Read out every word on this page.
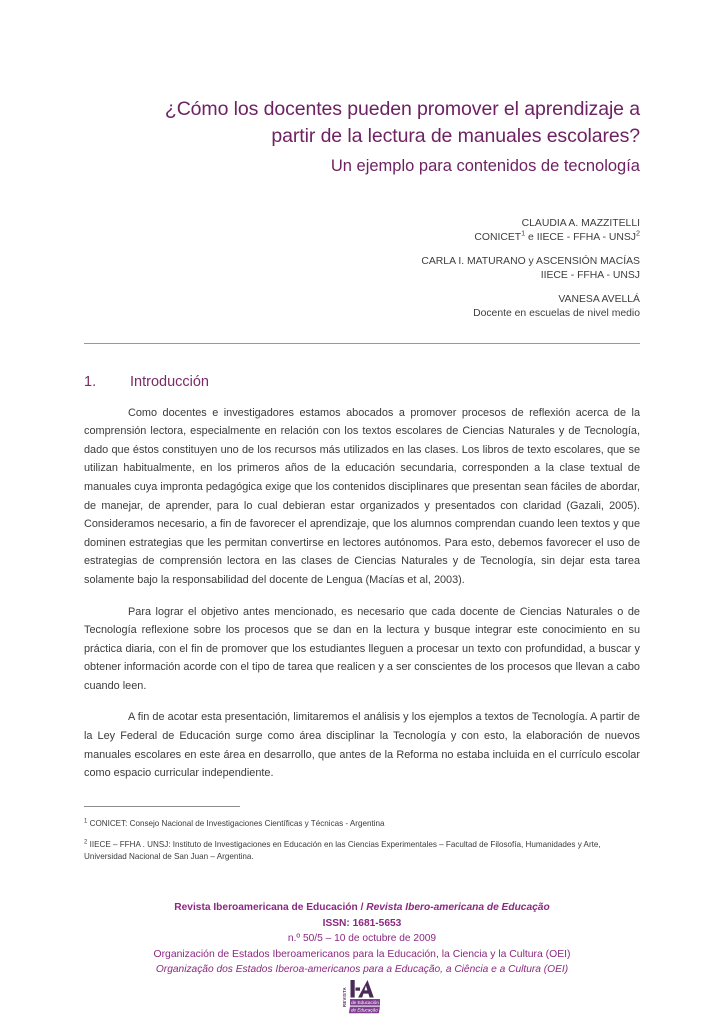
¿Cómo los docentes pueden promover el aprendizaje a
partir de la lectura de manuales escolares?
Un ejemplo para contenidos de tecnología
CLAUDIA A. MAZZITELLI
CONICET$^1$ e IIECE - FFHA - UNSJ$^2$
CARLA I. MATURANO y ASCENSIÓN MACÍAS
IIECE - FFHA - UNSJ
VANESA AVELLÁ
Docente en escuelas de nivel medio
1.	Introducción

Como docentes e investigadores estamos abocados a promover procesos de reflexión acerca de la comprensión lectora, especialmente en relación con los textos escolares de Ciencias Naturales y de Tecnología, dado que éstos constituyen uno de los recursos más utilizados en las clases. Los libros de texto escolares, que se utilizan habitualmente, en los primeros años de la educación secundaria, corresponden a la clase textual de manuales cuya impronta pedagógica exige que los contenidos disciplinares que presentan sean fáciles de abordar, de manejar, de aprender, para lo cual debieran estar organizados y presentados con claridad (Gazali, 2005). Consideramos necesario, a fin de favorecer el aprendizaje, que los alumnos comprendan cuando leen textos y que dominen estrategias que les permitan convertirse en lectores autónomos. Para esto, debemos favorecer el uso de estrategias de comprensión lectora en las clases de Ciencias Naturales y de Tecnología, sin dejar esta tarea solamente bajo la responsabilidad del docente de Lengua (Macías et al, 2003).

Para lograr el objetivo antes mencionado, es necesario que cada docente de Ciencias Naturales o de Tecnología reflexione sobre los procesos que se dan en la lectura y busque integrar este conocimiento en su práctica diaria, con el fin de promover que los estudiantes lleguen a procesar un texto con profundidad, a buscar y obtener información acorde con el tipo de tarea que realicen y a ser conscientes de los procesos que llevan a cabo cuando leen.

A fin de acotar esta presentación, limitaremos el análisis y los ejemplos a textos de Tecnología. A partir de la Ley Federal de Educación surge como área disciplinar la Tecnología y con esto, la elaboración de nuevos manuales escolares en este área en desarrollo, que antes de la Reforma no estaba incluida en el currículo escolar como espacio curricular independiente.

$^1$ CONICET: Consejo Nacional de Investigaciones Científicas y Técnicas - Argentina
$^2$ IIECE – FFHA . UNSJ: Instituto de Investigaciones en Educación en las Ciencias Experimentales – Facultad de Filosofía, Humanidades y Arte, Universidad Nacional de San Juan – Argentina.
Revista Iberoamericana de Educación / Revista Ibero-americana de Educação
ISSN: 1681-5653
n.º 50/5 – 10 de octubre de 2009
Organización de Estados Iberoamericanos para la Educación, la Ciencia y la Cultura (OEI)
Organização dos Estados Iberoa-americanos para a Educação, a Ciência e a Cultura (OEI)
REVISTA de Educación
de Educação
